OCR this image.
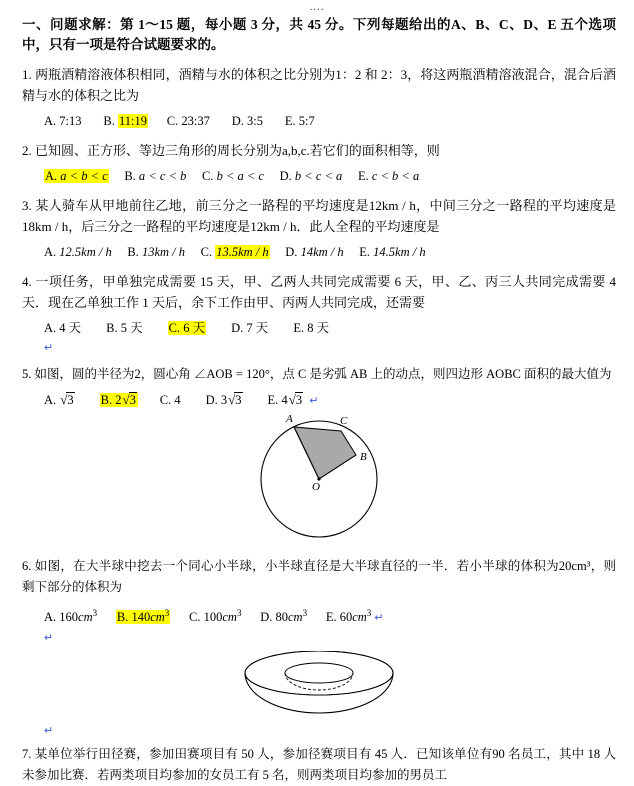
....
一、问题求解：第 1～15 题，每小题 3 分，共 45 分。下列每题给出的A、B、C、D、E 五个选项中，只有一项是符合试题要求的。
1. 两瓶酒精溶液体积相同，酒精与水的体积之比分别为1：2 和 2：3，将这两瓶酒精溶液混合，混合后酒精与水的体积之比为
A. 7:13 B. 11:19 C. 23:37 D. 3:5 E. 5:7
2. 已知圆、正方形、等边三角形的周长分别为a,b,c.若它们的面积相等，则
A. a < b < c B. a < c < b C. b < a < c D. b < c < a E. c < b < a
3. 某人骑车从甲地前往乙地，前三分之一路程的平均速度是12km / h，中间三分之一路程的平均速度是18km / h，后三分之一路程的平均速度是12km / h．此人全程的平均速度是
A. 12.5km / h B. 13km / h C. 13.5km / h D. 14km / h E. 14.5km / h
4. 一项任务，甲单独完成需要 15 天，甲、乙两人共同完成需要 6 天，甲、乙、丙三人共同完成需要 4 天．现在乙单独工作 1 天后，余下工作由甲、丙两人共同完成，还需要
A. 4 天 B. 5 天 C. 6 天 D. 7 天 E. 8 天
↵
5. 如图，圆的半径为2，圆心角 ∠AOB = 120°，点 C 是劣弧 AB 上的动点，则四边形 AOBC 面积的最大值为
A. √3 B. 2√3 C. 4 D. 3√3 E. 4√3 ↵
A	C
B
O
6. 如图，在大半球中挖去一个同心小半球，小半球直径是大半球直径的一半．若小半球的体积为20cm³，则剩下部分的体积为
A. $160cm^3$ B. $140cm^3$ C. $100cm^3$ D. $80cm^3$ E. $60cm^3$ ↵
↵
↵
7. 某单位举行田径赛，参加田赛项目有 50 人，参加径赛项目有 45 人．已知该单位有90 名员工，其中 18 人未参加比赛．若两类项目均参加的女员工有 5 名，则两类项目均参加的男员工
